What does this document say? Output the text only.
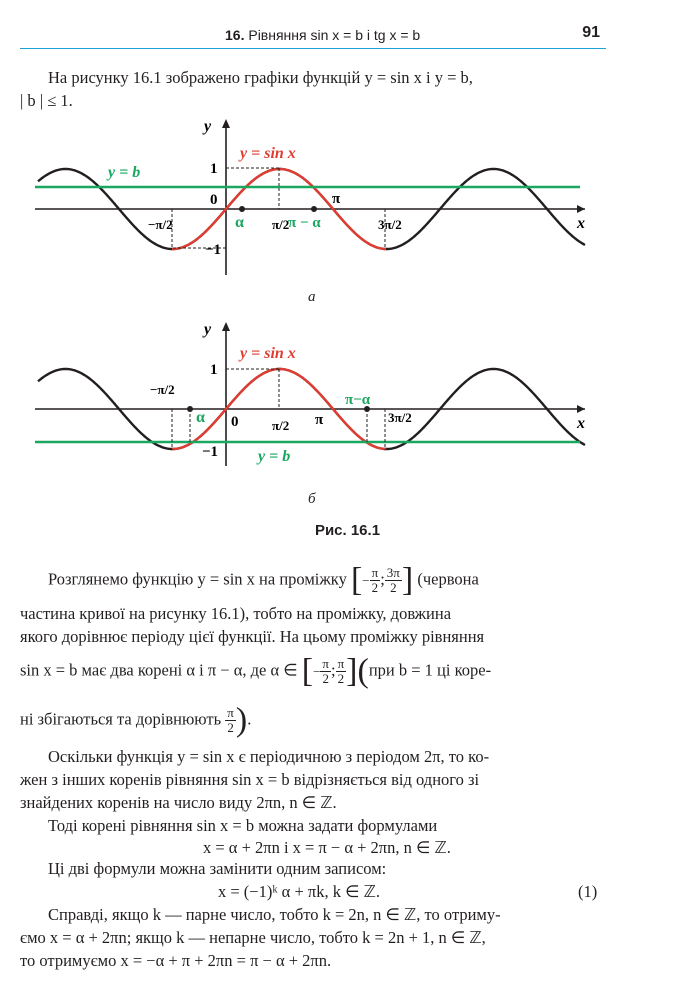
16. Рівняння sin x = b і tg x = b	91
На рисунку 16.1 зображено графіки функцій y = sin x і y = b,
| b | ≤ 1.
y
x
1
−1
0
y = sin x
y = b
α	π − α
π
−π/2	π/2	3π/2
а
y
x
1
−1
0
y = sin x
y = b
α
π−α
π
−π/2
π/2
3π/2
б
Рис. 16.1
Розглянемо функцію y = sin x на проміжку [ − $\frac{\pi}{2}$ ; $\frac{3\pi}{2}$ ] (червона
частина кривої на рисунку 16.1), тобто на проміжку, довжина
якого дорівнює періоду цієї функції. На цьому проміжку рівняння
sin x = b має два корені α і π − α, де α ∈ [ − $\frac{\pi}{2}$ ; $\frac{\pi}{2} ](при$ b = 1 ці коре-
ні збігаються та дорівнюють $\frac{\pi}{2}$ ).
Оскільки функція y = sin x є періодичною з періодом 2π, то ко-
жен з інших коренів рівняння sin x = b відрізняється від одного зі
знайдених коренів на число виду 2πn, n ∈ ℤ.
Тоді корені рівняння sin x = b можна задати формулами
x = α + 2πn і x = π − α + 2πn, n ∈ ℤ.
Ці дві формули можна замінити одним записом:
x = (−1)ᵏ α + πk, k ∈ ℤ.	(1)
Справді, якщо k — парне число, тобто k = 2n, n ∈ ℤ, то отриму-
ємо x = α + 2πn; якщо k — непарне число, тобто k = 2n + 1, n ∈ ℤ,
то отримуємо x = −α + π + 2πn = π − α + 2πn.
